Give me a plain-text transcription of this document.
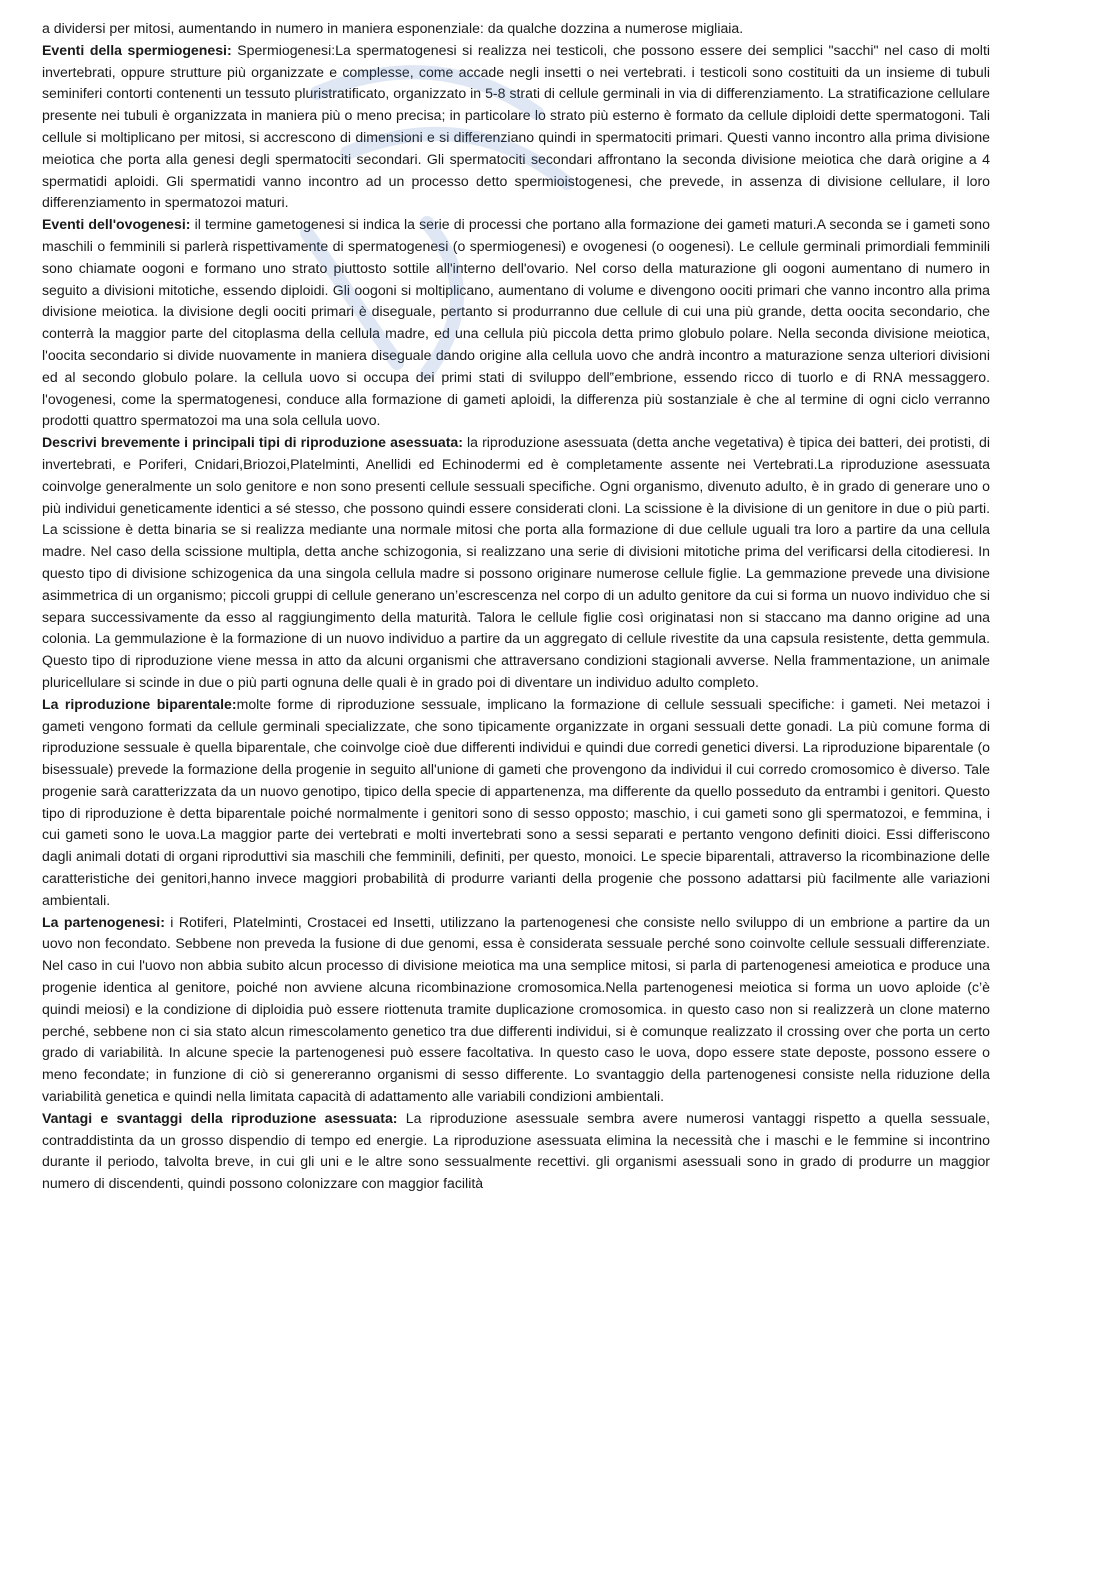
a dividersi per mitosi, aumentando in numero in maniera esponenziale: da qualche dozzina a numerose migliaia.

Eventi della spermiogenesi: Spermiogenesi:La spermatogenesi si realizza nei testicoli, che possono essere dei semplici "sacchi" nel caso di molti invertebrati, oppure strutture più organizzate e complesse, come accade negli insetti o nei vertebrati. i testicoli sono costituiti da un insieme di tubuli seminiferi contorti contenenti un tessuto pluristratificato, organizzato in 5-8 strati di cellule germinali in via di differenziamento. La stratificazione cellulare presente nei tubuli è organizzata in maniera più o meno precisa; in particolare lo strato più esterno è formato da cellule diploidi dette spermatogoni. Tali cellule si moltiplicano per mitosi, si accrescono di dimensioni e si differenziano quindi in spermatociti primari. Questi vanno incontro alla prima divisione meiotica che porta alla genesi degli spermatociti secondari. Gli spermatociti secondari affrontano la seconda divisione meiotica che darà origine a 4 spermatidi aploidi. Gli spermatidi vanno incontro ad un processo detto spermioistogenesi, che prevede, in assenza di divisione cellulare, il loro differenziamento in spermatozoi maturi.

Eventi dell'ovogenesi: il termine gametogenesi si indica la serie di processi che portano alla formazione dei gameti maturi.A seconda se i gameti sono maschili o femminili si parlerà rispettivamente di spermatogenesi (o spermiogenesi) e ovogenesi (o oogenesi). Le cellule germinali primordiali femminili sono chiamate oogoni e formano uno strato piuttosto sottile all'interno dell'ovario. Nel corso della maturazione gli oogoni aumentano di numero in seguito a divisioni mitotiche, essendo diploidi. Gli oogoni si moltiplicano, aumentano di volume e divengono oociti primari che vanno incontro alla prima divisione meiotica. la divisione degli oociti primari è diseguale, pertanto si produrranno due cellule di cui una più grande, detta oocita secondario, che conterrà la maggior parte del citoplasma della cellula madre, ed una cellula più piccola detta primo globulo polare. Nella seconda divisione meiotica, l'oocita secondario si divide nuovamente in maniera diseguale dando origine alla cellula uovo che andrà incontro a maturazione senza ulteriori divisioni ed al secondo globulo polare. la cellula uovo si occupa dei primi stati di sviluppo dell‟embrione, essendo ricco di tuorlo e di RNA messaggero. l'ovogenesi, come la spermatogenesi, conduce alla formazione di gameti aploidi, la differenza più sostanziale è che al termine di ogni ciclo verranno prodotti quattro spermatozoi ma una sola cellula uovo.

Descrivi brevemente i principali tipi di riproduzione asessuata: la riproduzione asessuata (detta anche vegetativa) è tipica dei batteri, dei protisti, di invertebrati, e Poriferi, Cnidari,Briozoi,Platelminti, Anellidi ed Echinodermi ed è completamente assente nei Vertebrati.La riproduzione asessuata coinvolge generalmente un solo genitore e non sono presenti cellule sessuali specifiche. Ogni organismo, divenuto adulto, è in grado di generare uno o più individui geneticamente identici a sé stesso, che possono quindi essere considerati cloni. La scissione è la divisione di un genitore in due o più parti. La scissione è detta binaria se si realizza mediante una normale mitosi che porta alla formazione di due cellule uguali tra loro a partire da una cellula madre. Nel caso della scissione multipla, detta anche schizogonia, si realizzano una serie di divisioni mitotiche prima del verificarsi della citodieresi. In questo tipo di divisione schizogenica da una singola cellula madre si possono originare numerose cellule figlie. La gemmazione prevede una divisione asimmetrica di un organismo; piccoli gruppi di cellule generano un’escrescenza nel corpo di un adulto genitore da cui si forma un nuovo individuo che si separa successivamente da esso al raggiungimento della maturità. Talora le cellule figlie così originatasi non si staccano ma danno origine ad una colonia. La gemmulazione è la formazione di un nuovo individuo a partire da un aggregato di cellule rivestite da una capsula resistente, detta gemmula. Questo tipo di riproduzione viene messa in atto da alcuni organismi che attraversano condizioni stagionali avverse. Nella frammentazione, un animale pluricellulare si scinde in due o più parti ognuna delle quali è in grado poi di diventare un individuo adulto completo.

La riproduzione biparentale:molte forme di riproduzione sessuale, implicano la formazione di cellule sessuali specifiche: i gameti. Nei metazoi i gameti vengono formati da cellule germinali specializzate, che sono tipicamente organizzate in organi sessuali dette gonadi. La più comune forma di riproduzione sessuale è quella biparentale, che coinvolge cioè due differenti individui e quindi due corredi genetici diversi. La riproduzione biparentale (o bisessuale) prevede la formazione della progenie in seguito all'unione di gameti che provengono da individui il cui corredo cromosomico è diverso. Tale progenie sarà caratterizzata da un nuovo genotipo, tipico della specie di appartenenza, ma differente da quello posseduto da entrambi i genitori. Questo tipo di riproduzione è detta biparentale poiché normalmente i genitori sono di sesso opposto; maschio, i cui gameti sono gli spermatozoi, e femmina, i cui gameti sono le uova.La maggior parte dei vertebrati e molti invertebrati sono a sessi separati e pertanto vengono definiti dioici. Essi differiscono dagli animali dotati di organi riproduttivi sia maschili che femminili, definiti, per questo, monoici. Le specie biparentali, attraverso la ricombinazione delle caratteristiche dei genitori,hanno invece maggiori probabilità di produrre varianti della progenie che possono adattarsi più facilmente alle variazioni ambientali.

La partenogenesi: i Rotiferi, Platelminti, Crostacei ed Insetti, utilizzano la partenogenesi che consiste nello sviluppo di un embrione a partire da un uovo non fecondato. Sebbene non preveda la fusione di due genomi, essa è considerata sessuale perché sono coinvolte cellule sessuali differenziate. Nel caso in cui l'uovo non abbia subito alcun processo di divisione meiotica ma una semplice mitosi, si parla di partenogenesi ameiotica e produce una progenie identica al genitore, poiché non avviene alcuna ricombinazione cromosomica.Nella partenogenesi meiotica si forma un uovo aploide (c’è quindi meiosi) e la condizione di diploidia può essere riottenuta tramite duplicazione cromosomica. in questo caso non si realizzerà un clone materno perché, sebbene non ci sia stato alcun rimescolamento genetico tra due differenti individui, si è comunque realizzato il crossing over che porta un certo grado di variabilità. In alcune specie la partenogenesi può essere facoltativa. In questo caso le uova, dopo essere state deposte, possono essere o meno fecondate; in funzione di ciò si genereranno organismi di sesso differente. Lo svantaggio della partenogenesi consiste nella riduzione della variabilità genetica e quindi nella limitata capacità di adattamento alle variabili condizioni ambientali.

Vantagi e svantaggi della riproduzione asessuata: La riproduzione asessuale sembra avere numerosi vantaggi rispetto a quella sessuale, contraddistinta da un grosso dispendio di tempo ed energie. La riproduzione asessuata elimina la necessità che i maschi e le femmine si incontrino durante il periodo, talvolta breve, in cui gli uni e le altre sono sessualmente recettivi. gli organismi asessuali sono in grado di produrre un maggior numero di discendenti, quindi possono colonizzare con maggior facilità
